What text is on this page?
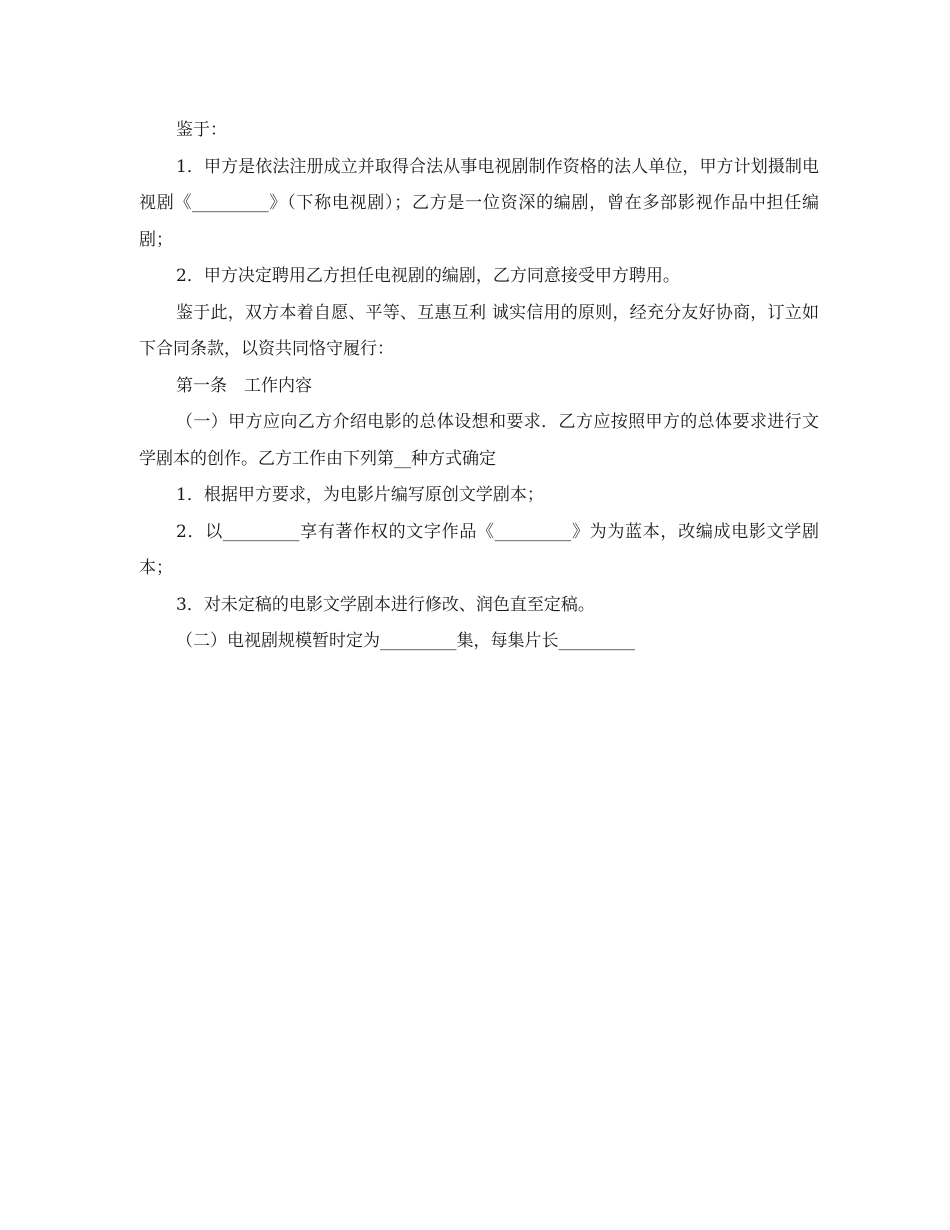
鉴于：

1．甲方是依法注册成立并取得合法从事电视剧制作资格的法人单位，甲方计划摄制电视剧《_________》（下称电视剧）；乙方是一位资深的编剧，曾在多部影视作品中担任编剧；

2．甲方决定聘用乙方担任电视剧的编剧，乙方同意接受甲方聘用。

鉴于此，双方本着自愿、平等、互惠互利 诚实信用的原则，经充分友好协商，订立如下合同条款，以资共同恪守履行：

第一条　工作内容

（一）甲方应向乙方介绍电影的总体设想和要求．乙方应按照甲方的总体要求进行文学剧本的创作。乙方工作由下列第__种方式确定

1．根据甲方要求，为电影片编写原创文学剧本；

2．以_________享有著作权的文字作品《_________》为为蓝本，改编成电影文学剧本；

3．对未定稿的电影文学剧本进行修改、润色直至定稿。

（二）电视剧规模暂时定为_________集，每集片长_________
